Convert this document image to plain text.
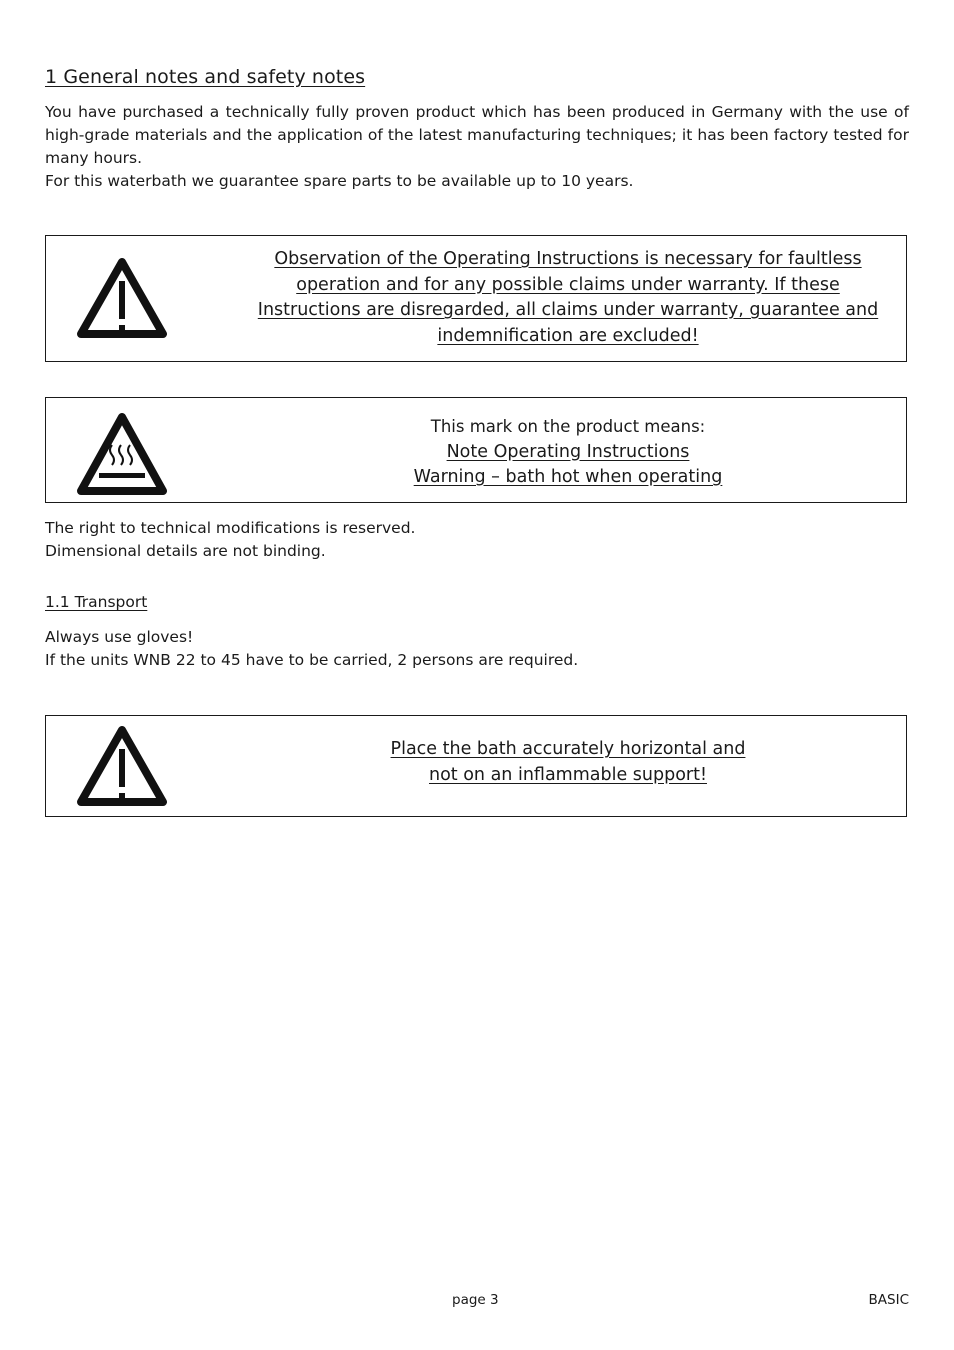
1 General notes and safety notes

You have purchased a technically fully proven product which has been produced in Germany with the use of high-grade materials and the application of the latest manufacturing techniques; it has been factory tested for many hours.

For this waterbath we guarantee spare parts to be available up to 10 years.

Observation of the Operating Instructions is necessary for faultless operation and for any possible claims under warranty. If these Instructions are disregarded, all claims under warranty, guarantee and indemnification are excluded!
This mark on the product means:
Note Operating Instructions
Warning – bath hot when operating

The right to technical modifications is reserved.

Dimensional details are not binding.

1.1 Transport

Always use gloves!

If the units WNB 22 to 45 have to be carried, 2 persons are required.

Place the bath accurately horizontal and
not on an inflammable support!
page 3	BASIC
